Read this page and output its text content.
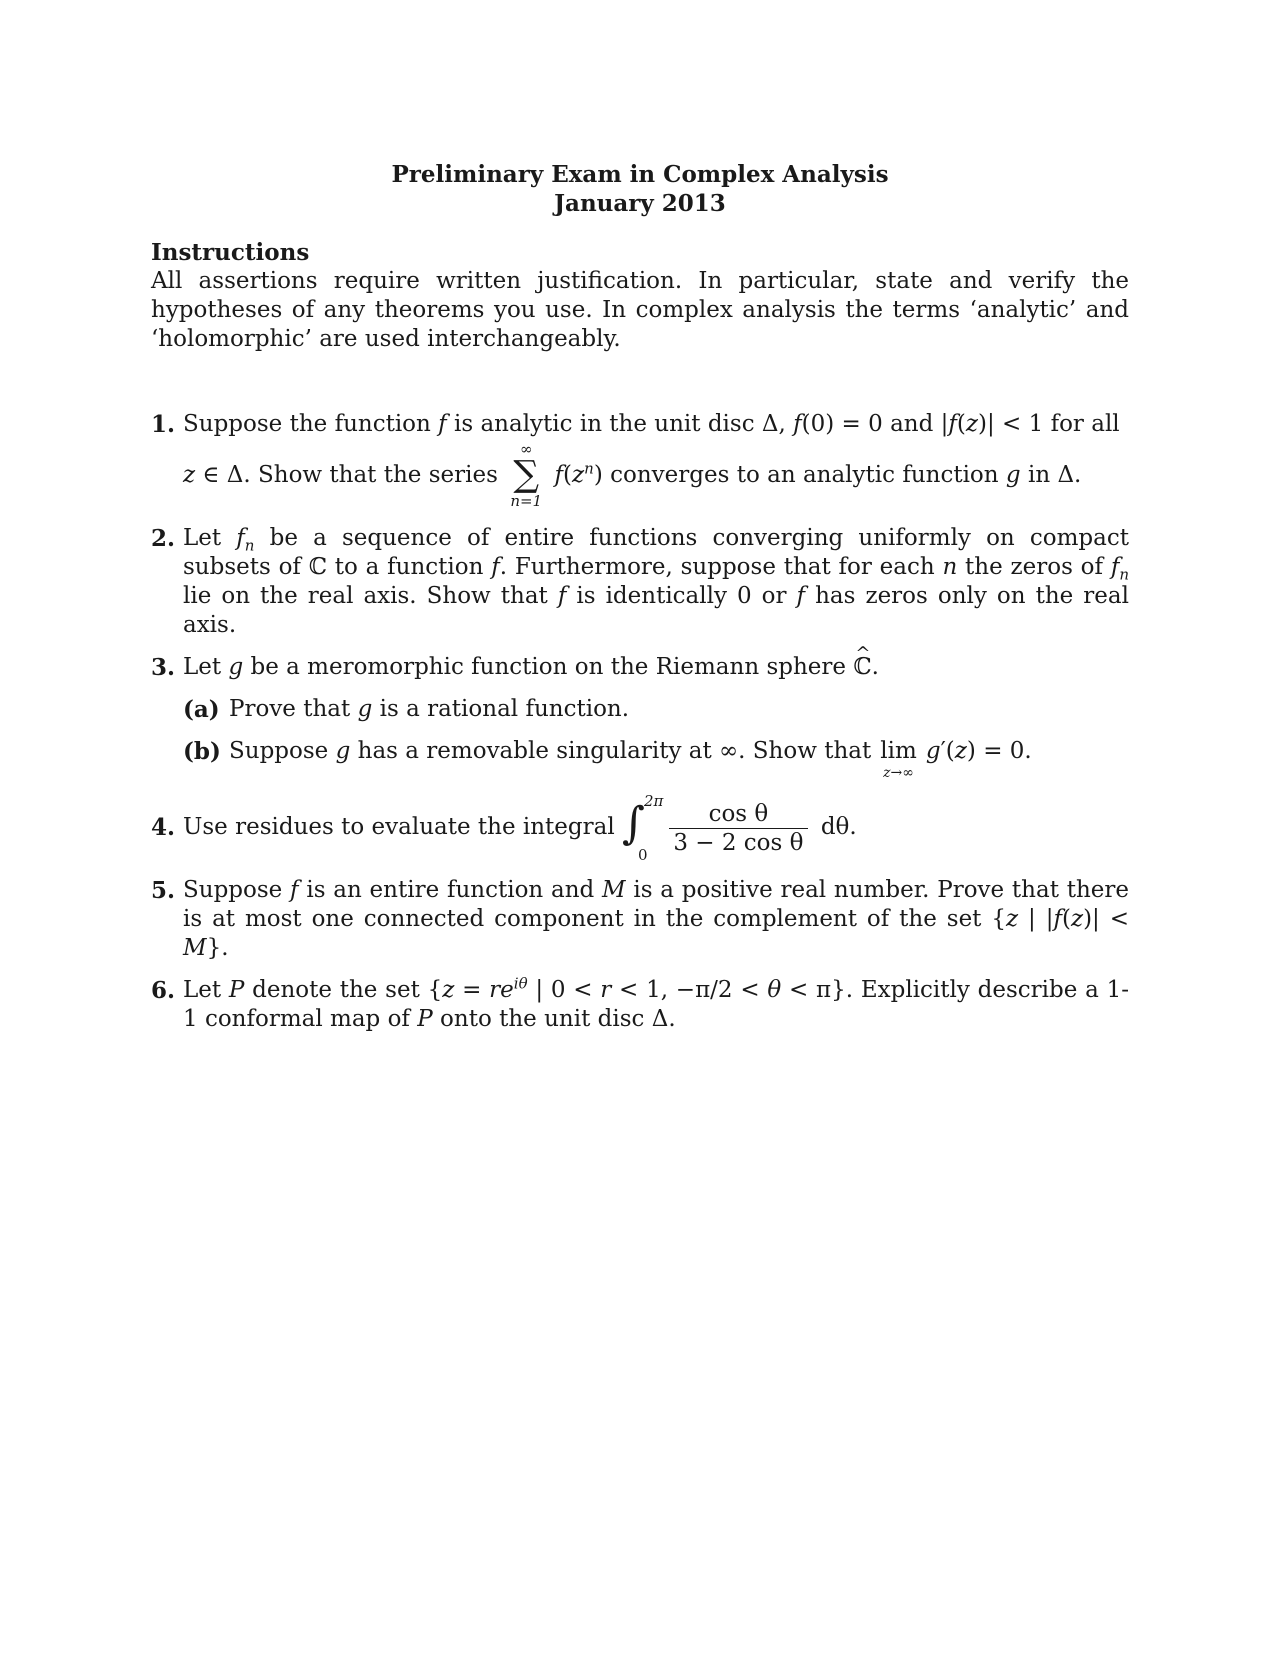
Preliminary Exam in Complex Analysis
January 2013
Instructions
All assertions require written justification. In particular, state and verify the hypotheses of any theorems you use. In complex analysis the terms ‘analytic’ and ‘holomorphic’ are used interchangeably.
1. Suppose the function f is analytic in the unit disc Δ, f(0) = 0 and |f(z)| < 1 for all
z ∈ Δ. Show that the series
∞
∑
n=1
$f(z^n)$ converges to an analytic function g in Δ.
2. Let $f_n$ be a sequence of entire functions converging uniformly on compact subsets of ℂ to a function f. Furthermore, suppose that for each n the zeros of $f_n$ lie on the real axis. Show that f is identically 0 or f has zeros only on the real axis.
3. Let g be a meromorphic function on the Riemann sphere ^ ℂ.
(a) Prove that g is a rational function.
(b) Suppose g has a removable singularity at ∞. Show that lim
z→∞
g′(z) = 0.
4. Use residues to evaluate the integral ∫ 2π
0
$\frac{\text{cos θ}}{\text{3 − 2 cos θ}} d\theta$.
5. Suppose f is an entire function and M is a positive real number. Prove that there is at most one connected component in the complement of the set {z | |f(z)| < M}.
6. Let P denote the set {$z = re^{i\theta}$ | 0 < r < 1, −π/2 < θ < π}. Explicitly describe a 1-1 conformal map of P onto the unit disc Δ.
